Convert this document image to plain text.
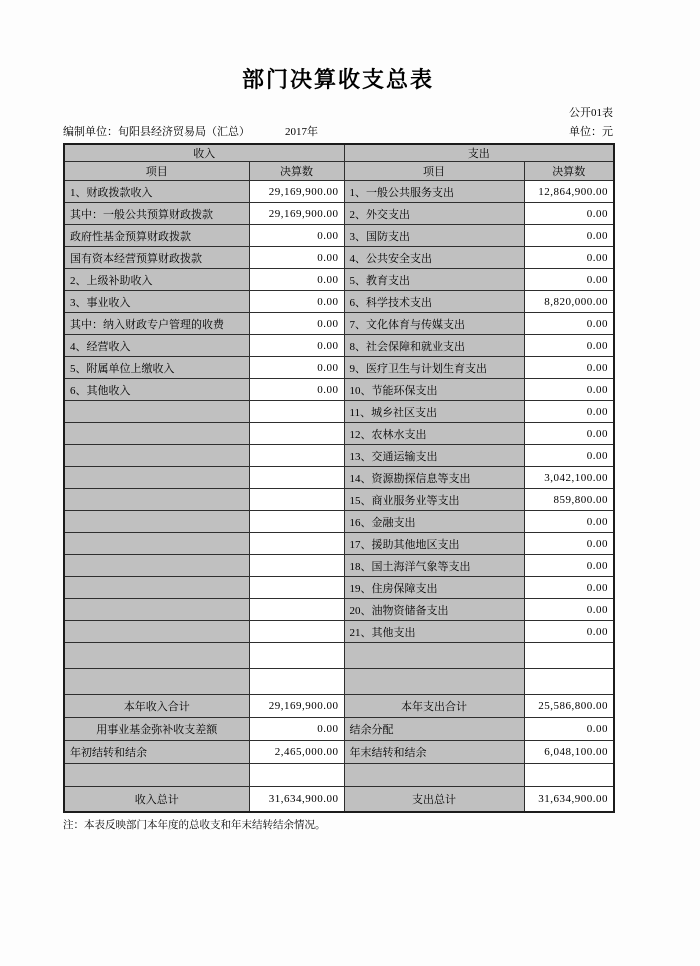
部门决算收支总表
公开01表
编制单位：旬阳县经济贸易局（汇总）	2017年	单位：元
收入		支出	
项目	决算数	项目	决算数
1、财政拨款收入	29,169,900.00	1、一般公共服务支出	12,864,900.00
其中：一般公共预算财政拨款	29,169,900.00	2、外交支出	0.00
政府性基金预算财政拨款	0.00	3、国防支出	0.00
国有资本经营预算财政拨款	0.00	4、公共安全支出	0.00
2、上级补助收入	0.00	5、教育支出	0.00
3、事业收入	0.00	6、科学技术支出	8,820,000.00
其中：纳入财政专户管理的收费	0.00	7、文化体育与传媒支出	0.00
4、经营收入	0.00	8、社会保障和就业支出	0.00
5、附属单位上缴收入	0.00	9、医疗卫生与计划生育支出	0.00
6、其他收入	0.00	10、节能环保支出	0.00
		11、城乡社区支出	0.00
		12、农林水支出	0.00
		13、交通运输支出	0.00
		14、资源勘探信息等支出	3,042,100.00
		15、商业服务业等支出	859,800.00
		16、金融支出	0.00
		17、援助其他地区支出	0.00
		18、国土海洋气象等支出	0.00
		19、住房保障支出	0.00
		20、油物资储备支出	0.00
		21、其他支出	0.00

本年收入合计	29,169,900.00	本年支出合计	25,586,800.00
用事业基金弥补收支差额	0.00	结余分配	0.00
年初结转和结余	2,465,000.00	年末结转和结余	6,048,100.00

收入总计	31,634,900.00	支出总计	31,634,900.00
注：本表反映部门本年度的总收支和年末结转结余情况。
